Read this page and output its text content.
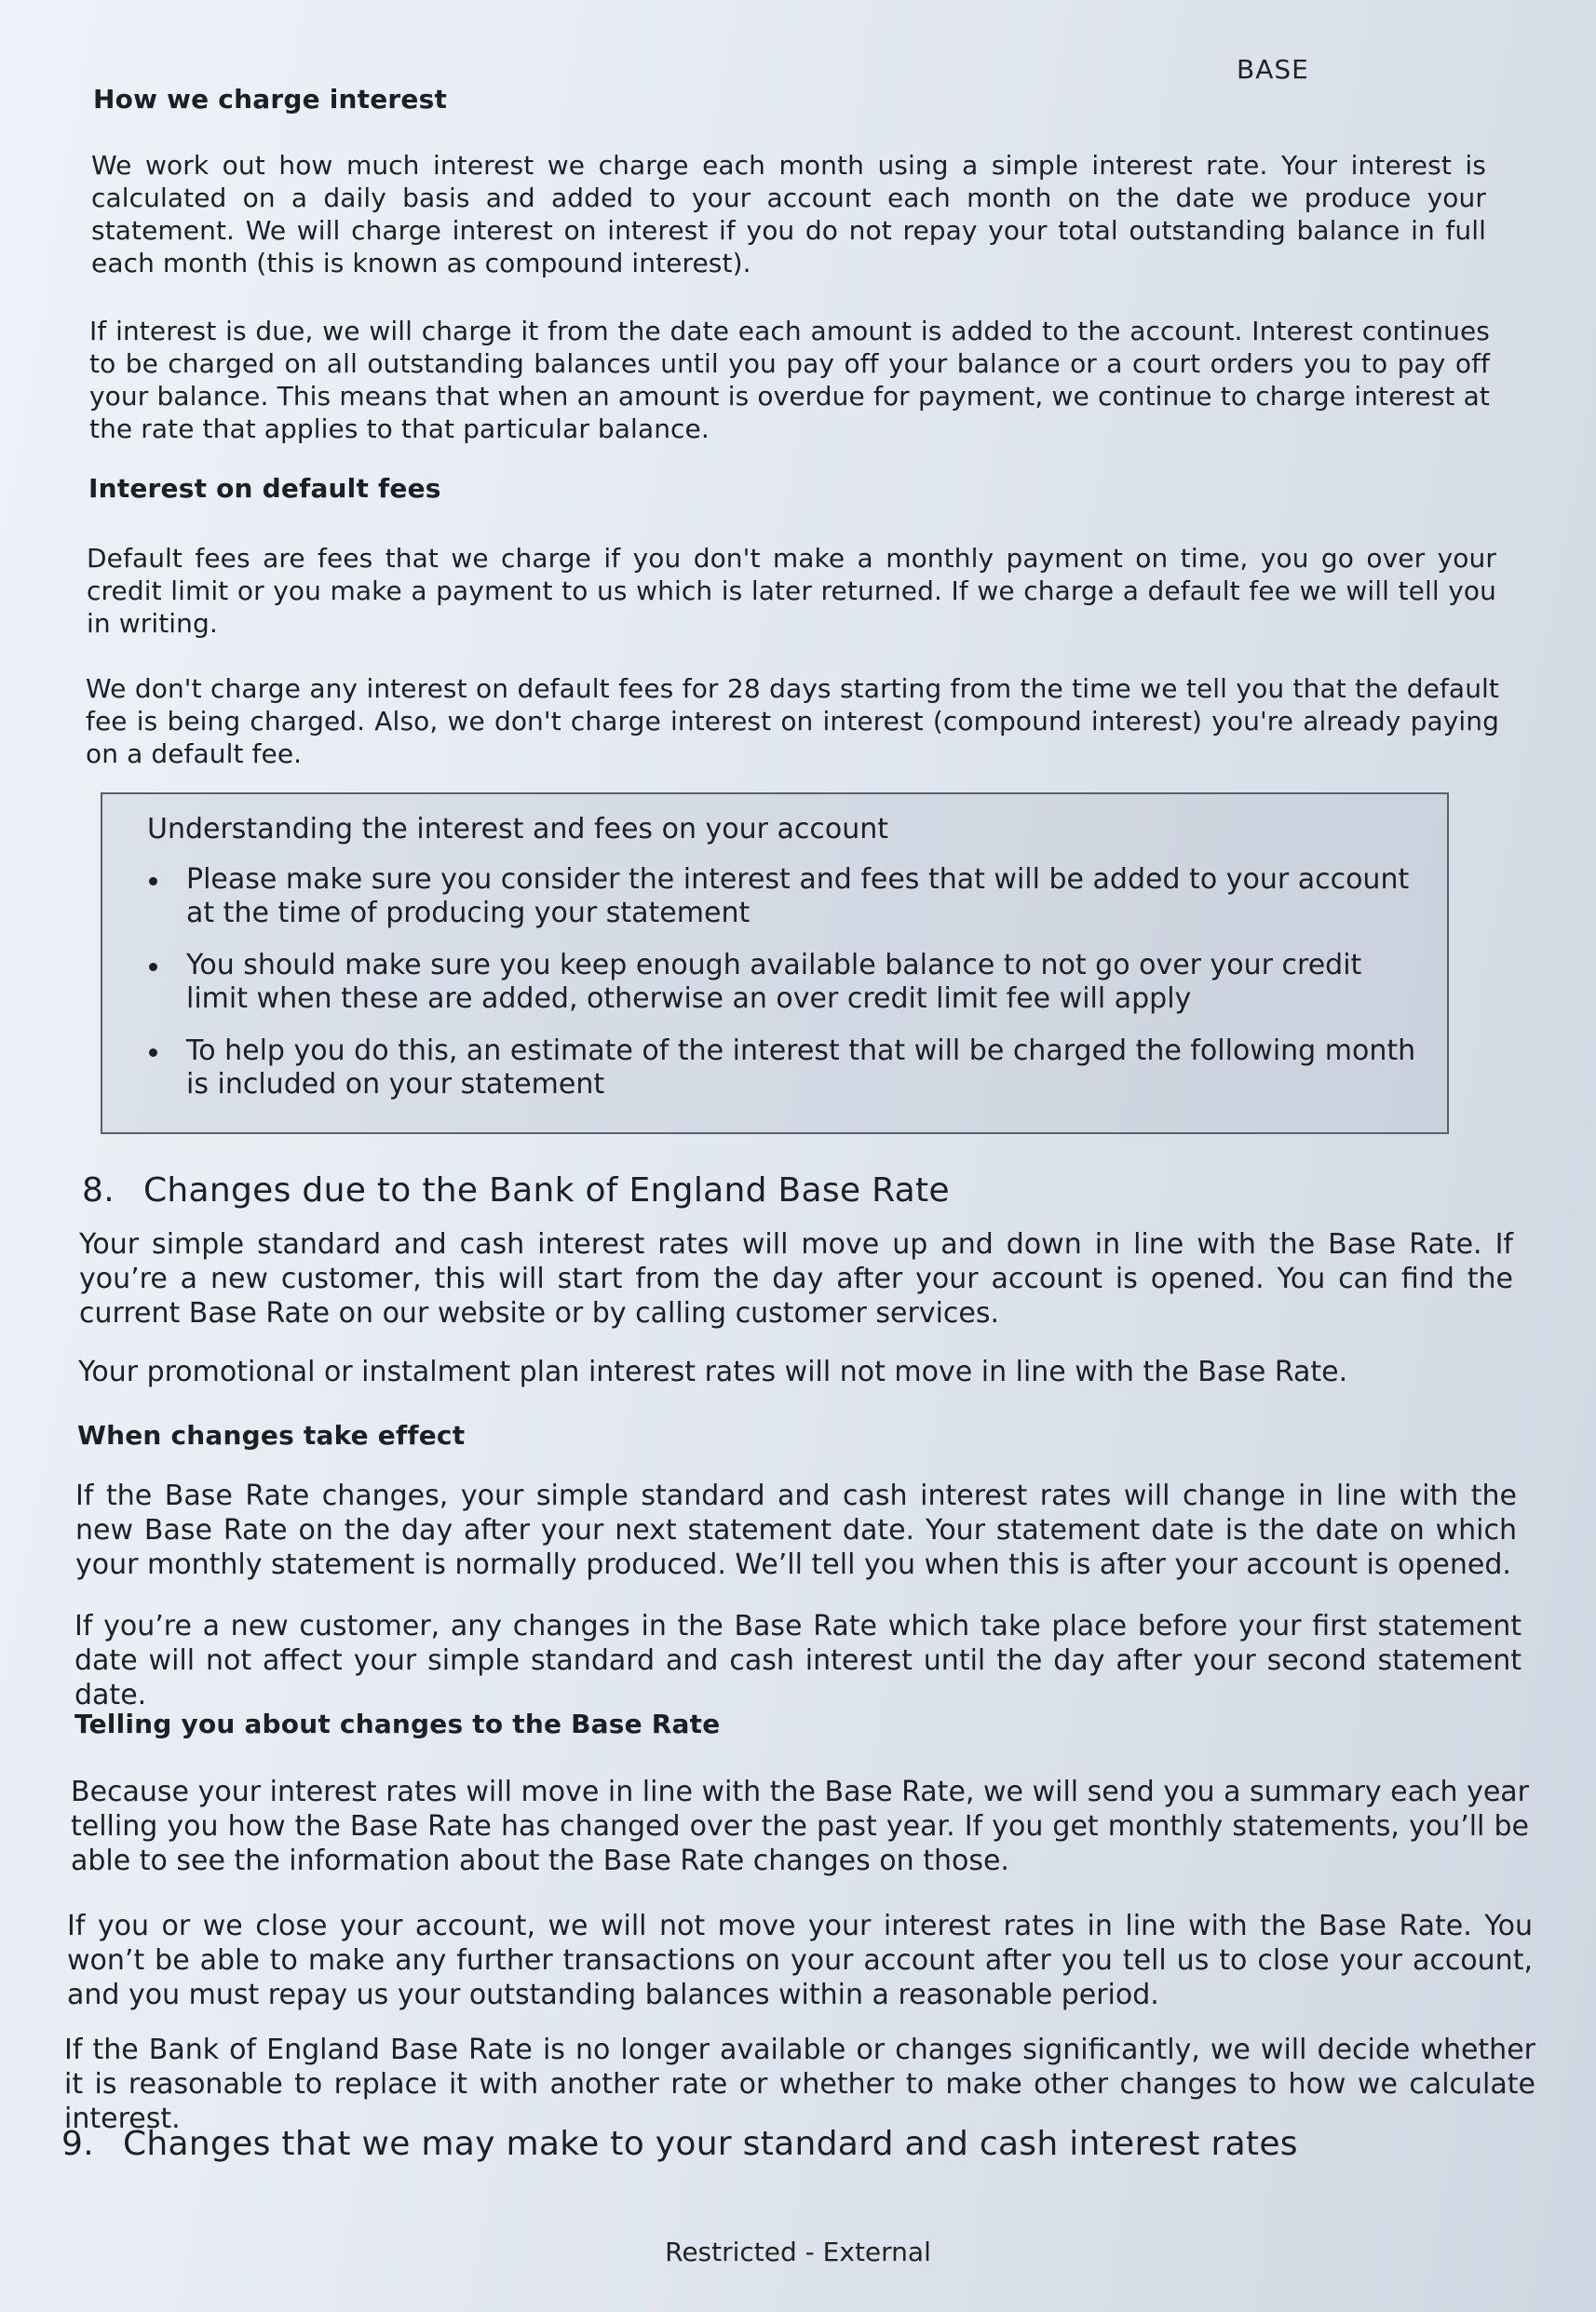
BASE
How we charge interest

We work out how much interest we charge each month using a simple interest rate. Your interest is calculated on a daily basis and added to your account each month on the date we produce your statement. We will charge interest on interest if you do not repay your total outstanding balance in full each month (this is known as compound interest).

If interest is due, we will charge it from the date each amount is added to the account. Interest continues to be charged on all outstanding balances until you pay off your balance or a court orders you to pay off your balance. This means that when an amount is overdue for payment, we continue to charge interest at the rate that applies to that particular balance.

Interest on default fees

Default fees are fees that we charge if you don't make a monthly payment on time, you go over your credit limit or you make a payment to us which is later returned. If we charge a default fee we will tell you in writing.

We don't charge any interest on default fees for 28 days starting from the time we tell you that the default fee is being charged. Also, we don't charge interest on interest (compound interest) you're already paying on a default fee.

Understanding the interest and fees on your account
Please make sure you consider the interest and fees that will be added to your account at the time of producing your statement
You should make sure you keep enough available balance to not go over your credit limit when these are added, otherwise an over credit limit fee will apply
To help you do this, an estimate of the interest that will be charged the following month is included on your statement
8. Changes due to the Bank of England Base Rate

Your simple standard and cash interest rates will move up and down in line with the Base Rate. If you’re a new customer, this will start from the day after your account is opened. You can find the current Base Rate on our website or by calling customer services.

Your promotional or instalment plan interest rates will not move in line with the Base Rate.

When changes take effect

If the Base Rate changes, your simple standard and cash interest rates will change in line with the new Base Rate on the day after your next statement date. Your statement date is the date on which your monthly statement is normally produced. We’ll tell you when this is after your account is opened.

If you’re a new customer, any changes in the Base Rate which take place before your first statement date will not affect your simple standard and cash interest until the day after your second statement date.

Telling you about changes to the Base Rate

Because your interest rates will move in line with the Base Rate, we will send you a summary each year telling you how the Base Rate has changed over the past year. If you get monthly statements, you’ll be able to see the information about the Base Rate changes on those.

If you or we close your account, we will not move your interest rates in line with the Base Rate. You won’t be able to make any further transactions on your account after you tell us to close your account, and you must repay us your outstanding balances within a reasonable period.

If the Bank of England Base Rate is no longer available or changes significantly, we will decide whether it is reasonable to replace it with another rate or whether to make other changes to how we calculate interest.

9. Changes that we may make to your standard and cash interest rates
Restricted - External
